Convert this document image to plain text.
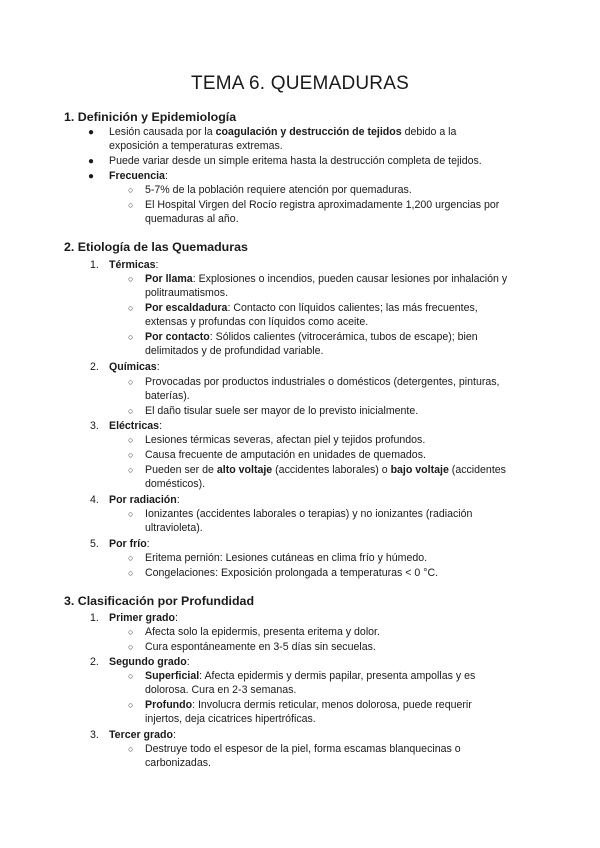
TEMA 6. QUEMADURAS
1. Definición y Epidemiología
● Lesión causada por la coagulación y destrucción de tejidos debido a la
exposición a temperaturas extremas.
● Puede variar desde un simple eritema hasta la destrucción completa de tejidos.
● Frecuencia:
○ 5-7% de la población requiere atención por quemaduras.
○ El Hospital Virgen del Rocío registra aproximadamente 1,200 urgencias por
quemaduras al año.
2. Etiología de las Quemaduras
1. Térmicas:
○ Por llama: Explosiones o incendios, pueden causar lesiones por inhalación y
politraumatismos.
○ Por escaldadura: Contacto con líquidos calientes; las más frecuentes,
extensas y profundas con líquidos como aceite.
○ Por contacto: Sólidos calientes (vitrocerámica, tubos de escape); bien
delimitados y de profundidad variable.
2. Químicas:
○ Provocadas por productos industriales o domésticos (detergentes, pinturas,
baterías).
○ El daño tisular suele ser mayor de lo previsto inicialmente.
3. Eléctricas:
○ Lesiones térmicas severas, afectan piel y tejidos profundos.
○ Causa frecuente de amputación en unidades de quemados.
○ Pueden ser de alto voltaje (accidentes laborales) o bajo voltaje (accidentes
domésticos).
4. Por radiación:
○ Ionizantes (accidentes laborales o terapias) y no ionizantes (radiación
ultravioleta).
5. Por frío:
○ Eritema pernión: Lesiones cutáneas en clima frío y húmedo.
○ Congelaciones: Exposición prolongada a temperaturas < 0 °C.
3. Clasificación por Profundidad
1. Primer grado:
○ Afecta solo la epidermis, presenta eritema y dolor.
○ Cura espontáneamente en 3-5 días sin secuelas.
2. Segundo grado:
○ Superficial: Afecta epidermis y dermis papilar, presenta ampollas y es
dolorosa. Cura en 2-3 semanas.
○ Profundo: Involucra dermis reticular, menos dolorosa, puede requerir
injertos, deja cicatrices hipertróficas.
3. Tercer grado:
○ Destruye todo el espesor de la piel, forma escamas blanquecinas o
carbonizadas.
